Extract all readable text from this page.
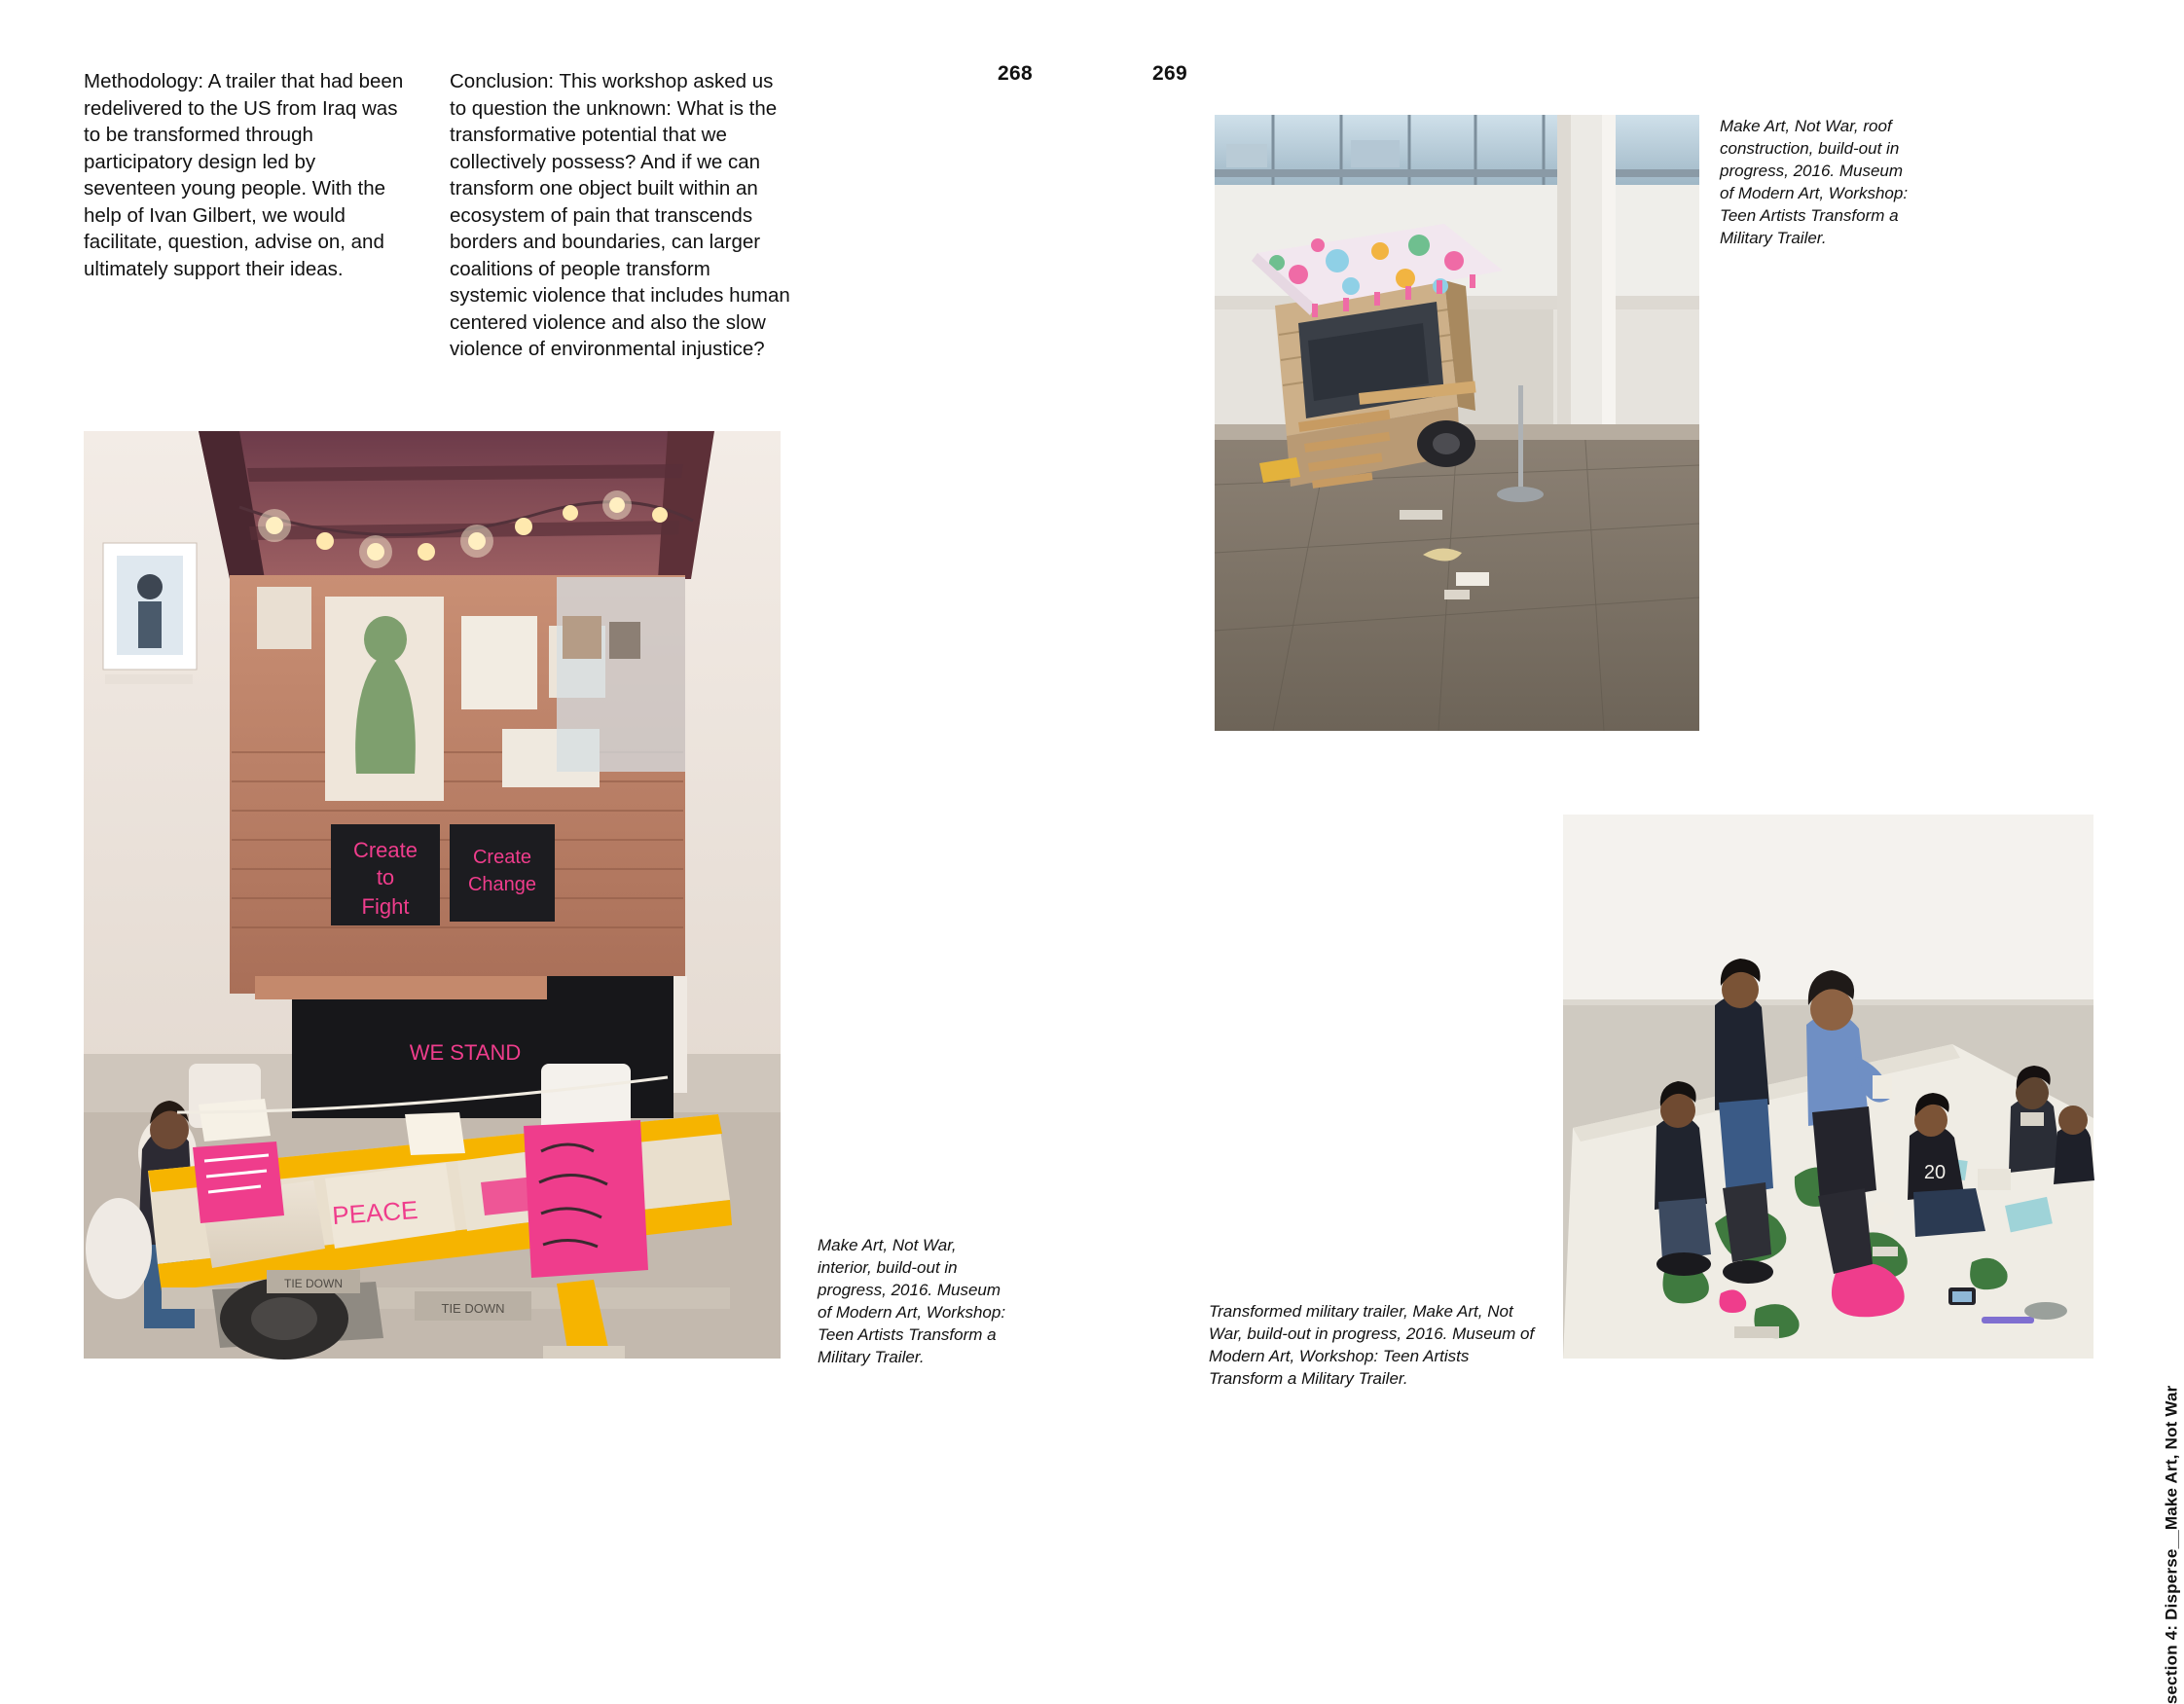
Methodology: A trailer that had been redelivered to the US from Iraq was to be transformed through participatory design led by seventeen young people. With the help of Ivan Gilbert, we would facilitate, question, advise on, and ultimately support their ideas.
Conclusion: This workshop asked us to question the unknown: What is the transformative potential that we collectively possess? And if we can transform one object built within an ecosystem of pain that transcends borders and boundaries, can larger coalitions of people transform systemic violence that includes human centered violence and also the slow violence of environmental injustice?
268	269
C​reate
to
Fight
Create
Change
WE STAND
PEACE
TIE DOWN
TIE DOWN
20
Make Art, Not War, interior, build-out in progress, 2016. Museum of Modern Art, Workshop: Teen Artists Transform a Military Trailer.
Make Art, Not War, roof construction, build-out in progress, 2016. Museum of Modern Art, Workshop: Teen Artists Transform a Military Trailer.
Transformed military trailer, Make Art, Not War, build-out in progress, 2016. Museum of Modern Art, Workshop: Teen Artists Transform a Military Trailer.
section 4: Disperse__Make Art, Not War
